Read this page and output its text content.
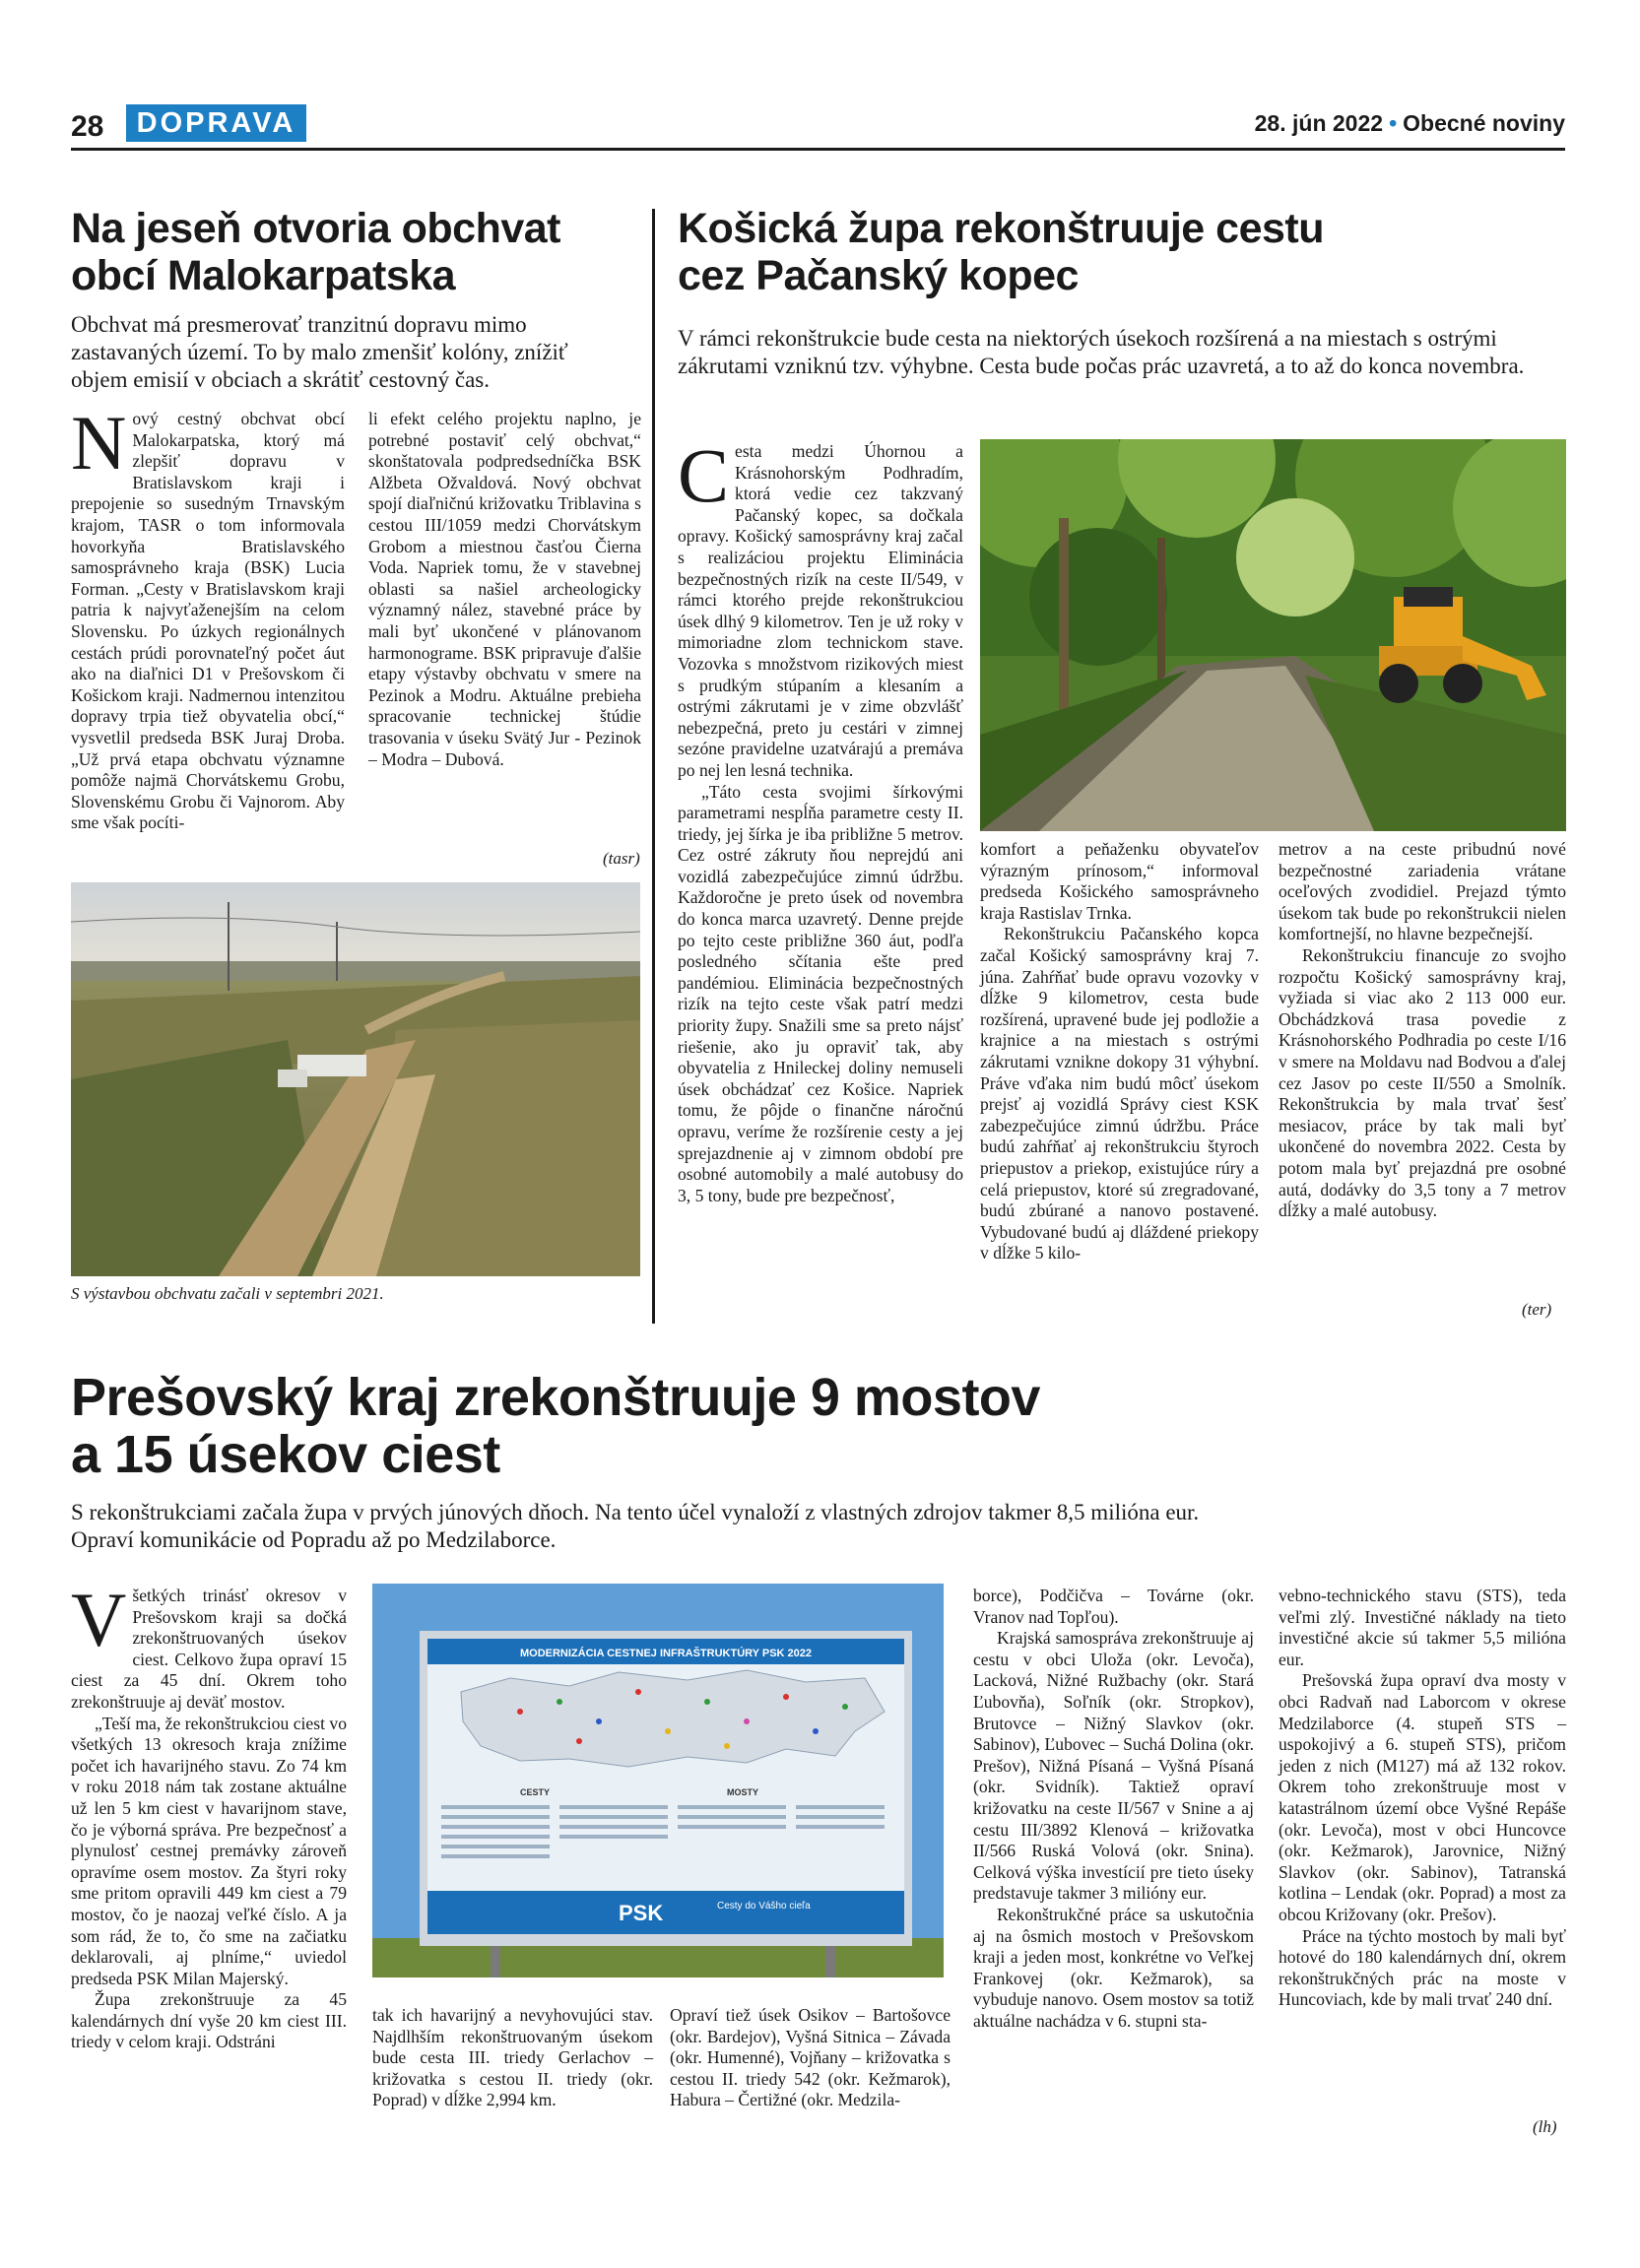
28	DOPRAVA	28. jún 2022 • Obecné noviny
Na jeseň otvoria obchvat
obcí Malokarpatska

Obchvat má presmerovať tranzitnú dopravu mimo zastavaných území. To by malo zmenšiť kolóny, znížiť objem emisií v obciach a skrátiť cestovný čas.

Nový cestný obchvat obcí Malokarpatska, ktorý má zlepšiť dopravu v Bratislavskom kraji i prepojenie so susedným Trnavským krajom, TASR o tom informovala hovorkyňa Bratislavského samosprávneho kraja (BSK) Lucia Forman. „Cesty v Bratislavskom kraji patria k najvyťaženejším na celom Slovensku. Po úzkych regionálnych cestách prúdi porovnateľný počet áut ako na diaľnici D1 v Prešovskom či Košickom kraji. Nadmernou intenzitou dopravy trpia tiež obyvatelia obcí,“ vysvetlil predseda BSK Juraj Droba. „Už prvá etapa obchvatu významne pomôže najmä Chorvátskemu Grobu, Slovenskému Grobu či Vajnorom. Aby sme však pocíti-

li efekt celého projektu naplno, je potrebné postaviť celý obchvat,“ skonštatovala podpredsedníčka BSK Alžbeta Ožvaldová. Nový obchvat spojí diaľničnú križovatku Triblavina s cestou III/1059 medzi Chorvátskym Grobom a miestnou časťou Čierna Voda. Napriek tomu, že v stavebnej oblasti sa našiel archeologicky významný nález, stavebné práce by mali byť ukončené v plánovanom harmonograme. BSK pripravuje ďalšie etapy výstavby obchvatu v smere na Pezinok a Modru. Aktuálne prebieha spracovanie technickej štúdie trasovania v úseku Svätý Jur - Pezinok – Modra – Dubová.

(tasr)
S výstavbou obchvatu začali v septembri 2021.
Košická župa rekonštruuje cestu
cez Pačanský kopec

V rámci rekonštrukcie bude cesta na niektorých úsekoch rozšírená a na miestach s ostrými zákrutami vzniknú tzv. výhybne. Cesta bude počas prác uzavretá, a to až do konca novembra.

Cesta medzi Úhornou a Krásnohorským Podhradím, ktorá vedie cez takzvaný Pačanský kopec, sa dočkala opravy. Košický samosprávny kraj začal s realizáciou projektu Eliminácia bezpečnostných rizík na ceste II/549, v rámci ktorého prejde rekonštrukciou úsek dlhý 9 kilometrov. Ten je už roky v mimoriadne zlom technickom stave. Vozovka s množstvom rizikových miest s prudkým stúpaním a klesaním a ostrými zákrutami je v zime obzvlášť nebezpečná, preto ju cestári v zimnej sezóne pravidelne uzatvárajú a premáva po nej len lesná technika.

„Táto cesta svojimi šírkovými parametrami nespĺňa parametre cesty II. triedy, jej šírka je iba približne 5 metrov. Cez ostré zákruty ňou neprejdú ani vozidlá zabezpečujúce zimnú údržbu. Každoročne je preto úsek od novembra do konca marca uzavretý. Denne prejde po tejto ceste približne 360 áut, podľa posledného sčítania ešte pred pandémiou. Eliminácia bezpečnostných rizík na tejto ceste však patrí medzi priority župy. Snažili sme sa preto nájsť riešenie, ako ju opraviť tak, aby obyvatelia z Hnileckej doliny nemuseli úsek obchádzať cez Košice. Napriek tomu, že pôjde o finančne náročnú opravu, veríme že rozšírenie cesty a jej sprejazdnenie aj v zimnom období pre osobné automobily a malé autobusy do 3, 5 tony, bude pre bezpečnosť,

komfort a peňaženku obyvateľov výrazným prínosom,“ informoval predseda Košického samosprávneho kraja Rastislav Trnka.

Rekonštrukciu Pačanského kopca začal Košický samosprávny kraj 7. júna. Zahŕňať bude opravu vozovky v dĺžke 9 kilometrov, cesta bude rozšírená, upravené bude jej podložie a krajnice a na miestach s ostrými zákrutami vznikne dokopy 31 výhybní. Práve vďaka nim budú môcť úsekom prejsť aj vozidlá Správy ciest KSK zabezpečujúce zimnú údržbu. Práce budú zahŕňať aj rekonštrukciu štyroch priepustov a priekop, existujúce rúry a celá priepustov, ktoré sú zregradované, budú zbúrané a nanovo postavené. Vybudované budú aj dláždené priekopy v dĺžke 5 kilo-

metrov a na ceste pribudnú nové bezpečnostné zariadenia vrátane oceľových zvodidiel. Prejazd týmto úsekom tak bude po rekonštrukcii nielen komfortnejší, no hlavne bezpečnejší.

Rekonštrukciu financuje zo svojho rozpočtu Košický samosprávny kraj, vyžiada si viac ako 2 113 000 eur. Obchádzková trasa povedie z Krásnohorského Podhradia po ceste I/16 v smere na Moldavu nad Bodvou a ďalej cez Jasov po ceste II/550 a Smolník. Rekonštrukcia by mala trvať šesť mesiacov, práce by tak mali byť ukončené do novembra 2022. Cesta by potom mala byť prejazdná pre osobné autá, dodávky do 3,5 tony a 7 metrov dĺžky a malé autobusy.

(ter)
Prešovský kraj zrekonštruuje 9 mostov
a 15 úsekov ciest
S rekonštrukciami začala župa v prvých júnových dňoch. Na tento účel vynaloží z vlastných zdrojov takmer 8,5 milióna eur.
Opraví komunikácie od Popradu až po Medzilaborce.

Všetkých trinásť okresov v Prešovskom kraji sa dočká zrekonštruovaných úsekov ciest. Celkovo župa opraví 15 ciest za 45 dní. Okrem toho zrekonštruuje aj deväť mostov.

„Teší ma, že rekonštrukciou ciest vo všetkých 13 okresoch kraja znížime počet ich havarijného stavu. Zo 74 km v roku 2018 nám tak zostane aktuálne už len 5 km ciest v havarijnom stave, čo je výborná správa. Pre bezpečnosť a plynulosť cestnej premávky zároveň opravíme osem mostov. Za štyri roky sme pritom opravili 449 km ciest a 79 mostov, čo je naozaj veľké číslo. A ja som rád, že to, čo sme na začiatku deklarovali, aj plníme,“ uviedol predseda PSK Milan Majerský.

Župa zrekonštruuje za 45 kalendárnych dní vyše 20 km ciest III. triedy v celom kraji. Odstráni

MODERNIZÁCIA CESTNEJ INFRAŠTRUKTÚRY PSK 2022
CESTY	MOSTY
PSK	Cesty do Vášho cieľa

tak ich havarijný a nevyhovujúci stav. Najdlhším rekonštruovaným úsekom bude cesta III. triedy Gerlachov – križovatka s cestou II. triedy (okr. Poprad) v dĺžke 2,994 km.

Opraví tiež úsek Osikov – Bartošovce (okr. Bardejov), Vyšná Sitnica – Závada (okr. Humenné), Vojňany – križovatka s cestou II. triedy 542 (okr. Kežmarok), Habura – Čertižné (okr. Medzila-

borce), Podčičva – Továrne (okr. Vranov nad Topľou).

Krajská samospráva zrekonštruuje aj cestu v obci Uloža (okr. Levoča), Lacková, Nižné Ružbachy (okr. Stará Ľubovňa), Soľník (okr. Stropkov), Brutovce – Nižný Slavkov (okr. Sabinov), Ľubovec – Suchá Dolina (okr. Prešov), Nižná Písaná – Vyšná Písaná (okr. Svidník). Taktiež opraví križovatku na ceste II/567 v Snine a aj cestu III/3892 Klenová – križovatka II/566 Ruská Volová (okr. Snina). Celková výška investícií pre tieto úseky predstavuje takmer 3 milióny eur.

Rekonštrukčné práce sa uskutočnia aj na ôsmich mostoch v Prešovskom kraji a jeden most, konkrétne vo Veľkej Frankovej (okr. Kežmarok), sa vybuduje nanovo. Osem mostov sa totiž aktuálne nachádza v 6. stupni sta-

vebno-technického stavu (STS), teda veľmi zlý. Investičné náklady na tieto investičné akcie sú takmer 5,5 milióna eur.

Prešovská župa opraví dva mosty v obci Radvaň nad Laborcom v okrese Medzilaborce (4. stupeň STS – uspokojivý a 6. stupeň STS), pričom jeden z nich (M127) má až 132 rokov. Okrem toho zrekonštruuje most v katastrálnom území obce Vyšné Repáše (okr. Levoča), most v obci Huncovce (okr. Kežmarok), Jarovnice, Nižný Slavkov (okr. Sabinov), Tatranská kotlina – Lendak (okr. Poprad) a most za obcou Križovany (okr. Prešov).

Práce na týchto mostoch by mali byť hotové do 180 kalendárnych dní, okrem rekonštrukčných prác na moste v Huncoviach, kde by mali trvať 240 dní.

(lh)
